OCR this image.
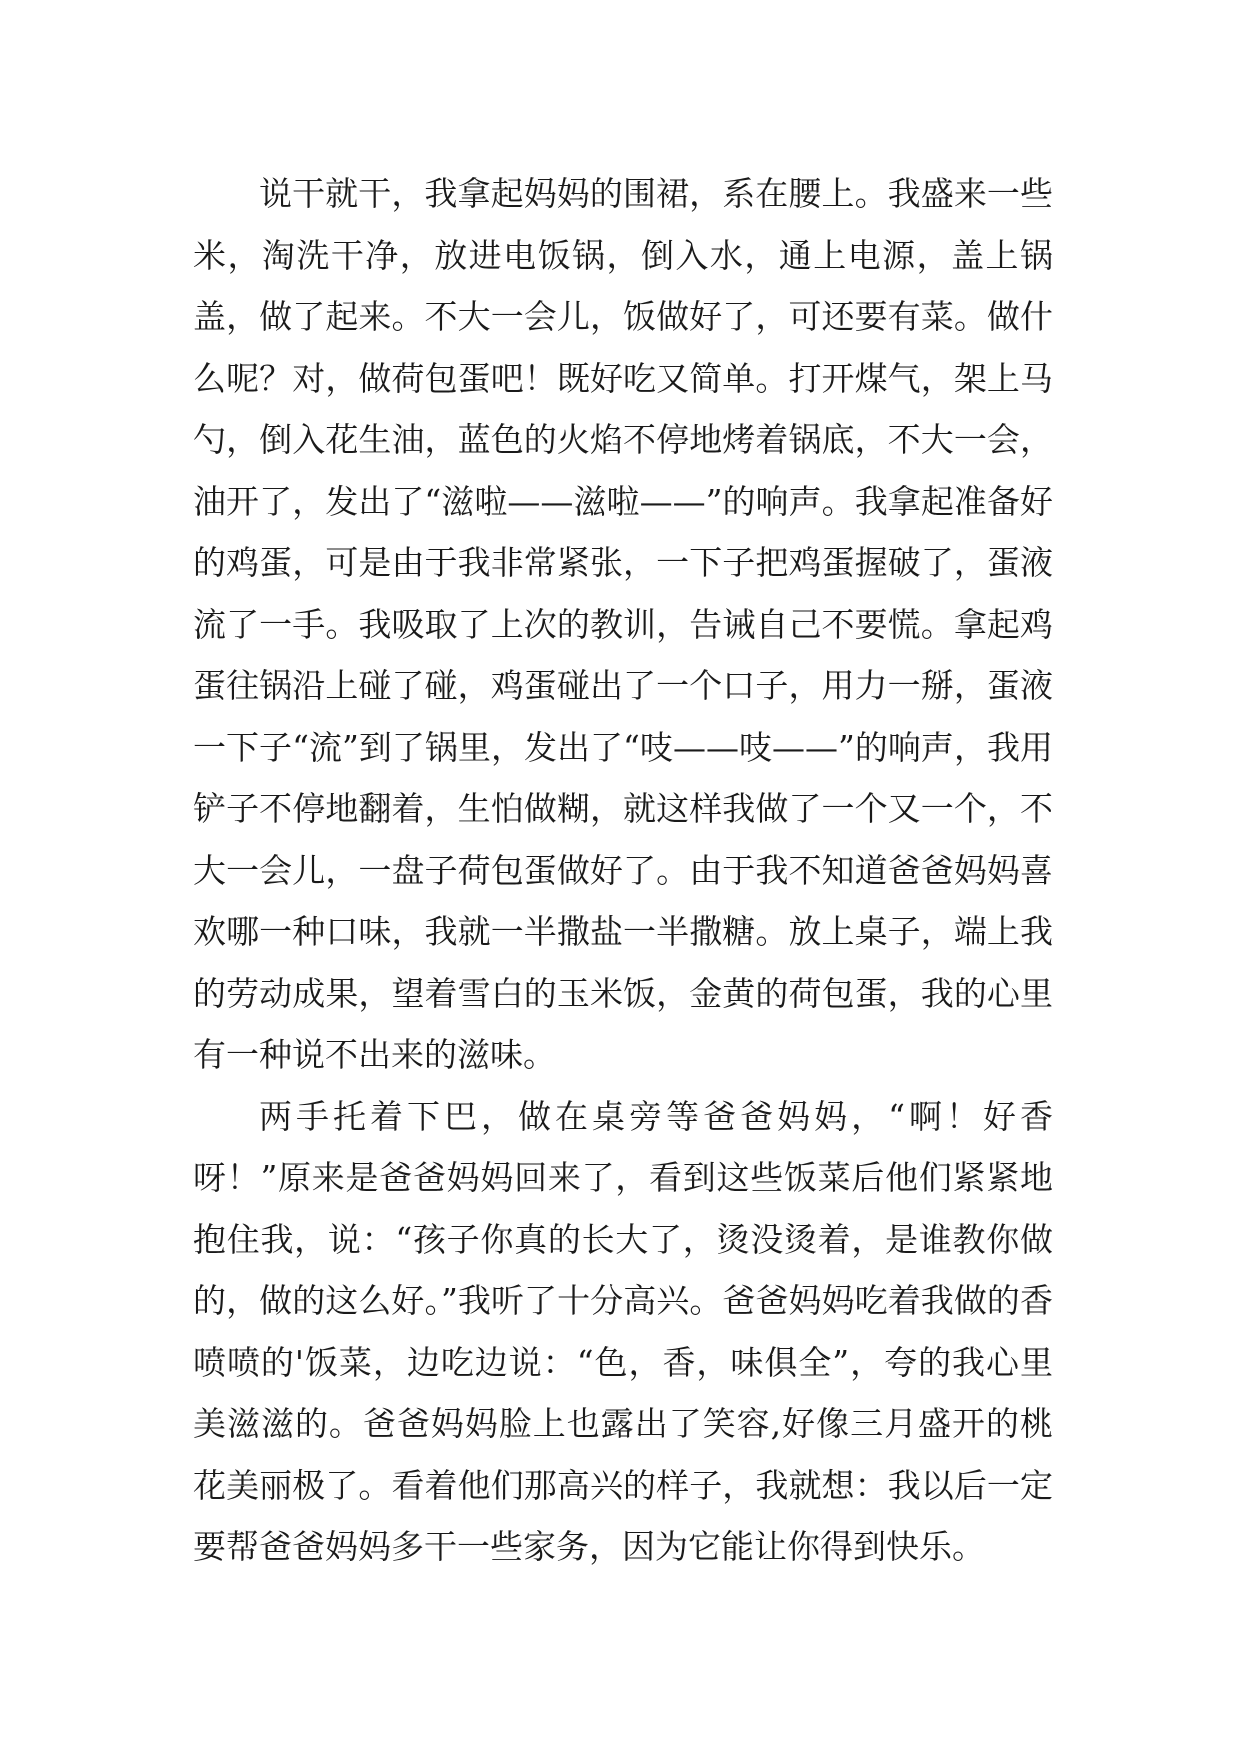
说干就干，我拿起妈妈的围裙，系在腰上。我盛来一些米，淘洗干净，放进电饭锅，倒入水，通上电源，盖上锅盖，做了起来。不大一会儿，饭做好了，可还要有菜。做什么呢？对，做荷包蛋吧！既好吃又简单。打开煤气，架上马勺，倒入花生油，蓝色的火焰不停地烤着锅底，不大一会，油开了，发出了“滋啦——滋啦——”的响声。我拿起准备好的鸡蛋，可是由于我非常紧张，一下子把鸡蛋握破了，蛋液流了一手。我吸取了上次的教训，告诫自己不要慌。拿起鸡蛋往锅沿上碰了碰，鸡蛋碰出了一个口子，用力一掰，蛋液一下子“流”到了锅里，发出了“吱——吱——”的响声，我用铲子不停地翻着，生怕做糊，就这样我做了一个又一个，不大一会儿，一盘子荷包蛋做好了。由于我不知道爸爸妈妈喜欢哪一种口味，我就一半撒盐一半撒糖。放上桌子，端上我的劳动成果，望着雪白的玉米饭，金黄的荷包蛋，我的心里有一种说不出来的滋味。

两手托着下巴，做在桌旁等爸爸妈妈，“啊！好香呀！”原来是爸爸妈妈回来了，看到这些饭菜后他们紧紧地抱住我，说：“孩子你真的长大了，烫没烫着，是谁教你做的，做的这么好。”我听了十分高兴。爸爸妈妈吃着我做的香喷喷的'饭菜，边吃边说：“色，香，味俱全”，夸的我心里美滋滋的。爸爸妈妈脸上也露出了笑容,好像三月盛开的桃花美丽极了。看着他们那高兴的样子，我就想：我以后一定要帮爸爸妈妈多干一些家务，因为它能让你得到快乐。
